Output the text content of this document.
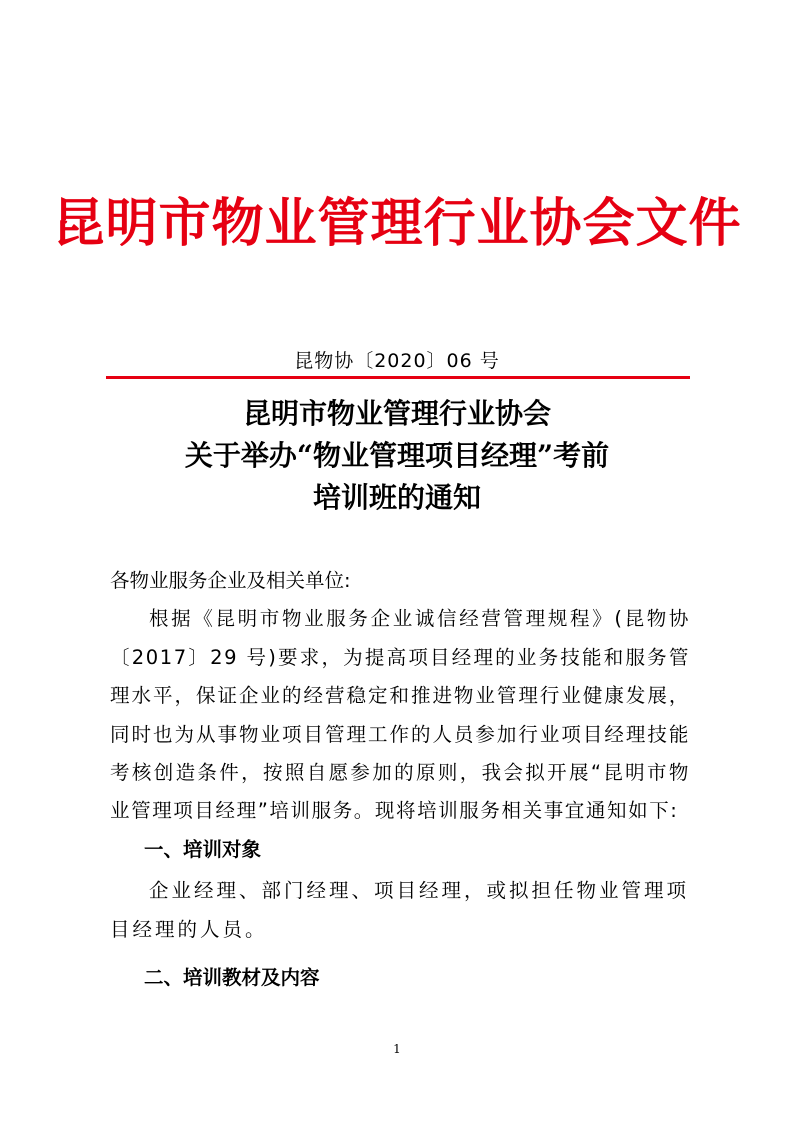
昆明市物业管理行业协会文件
昆物协〔2020〕06 号
昆明市物业管理行业协会
关于举办“物业管理项目经理”考前
培训班的通知

各物业服务企业及相关单位:

根据《昆明市物业服务企业诚信经营管理规程》(昆物协〔2017〕29 号)要求，为提高项目经理的业务技能和服务管理水平，保证企业的经营稳定和推进物业管理行业健康发展，同时也为从事物业项目管理工作的人员参加行业项目经理技能考核创造条件，按照自愿参加的原则，我会拟开展“昆明市物业管理项目经理”培训服务。现将培训服务相关事宜通知如下:

一、培训对象

企业经理、部门经理、项目经理，或拟担任物业管理项目经理的人员。

二、培训教材及内容

1
